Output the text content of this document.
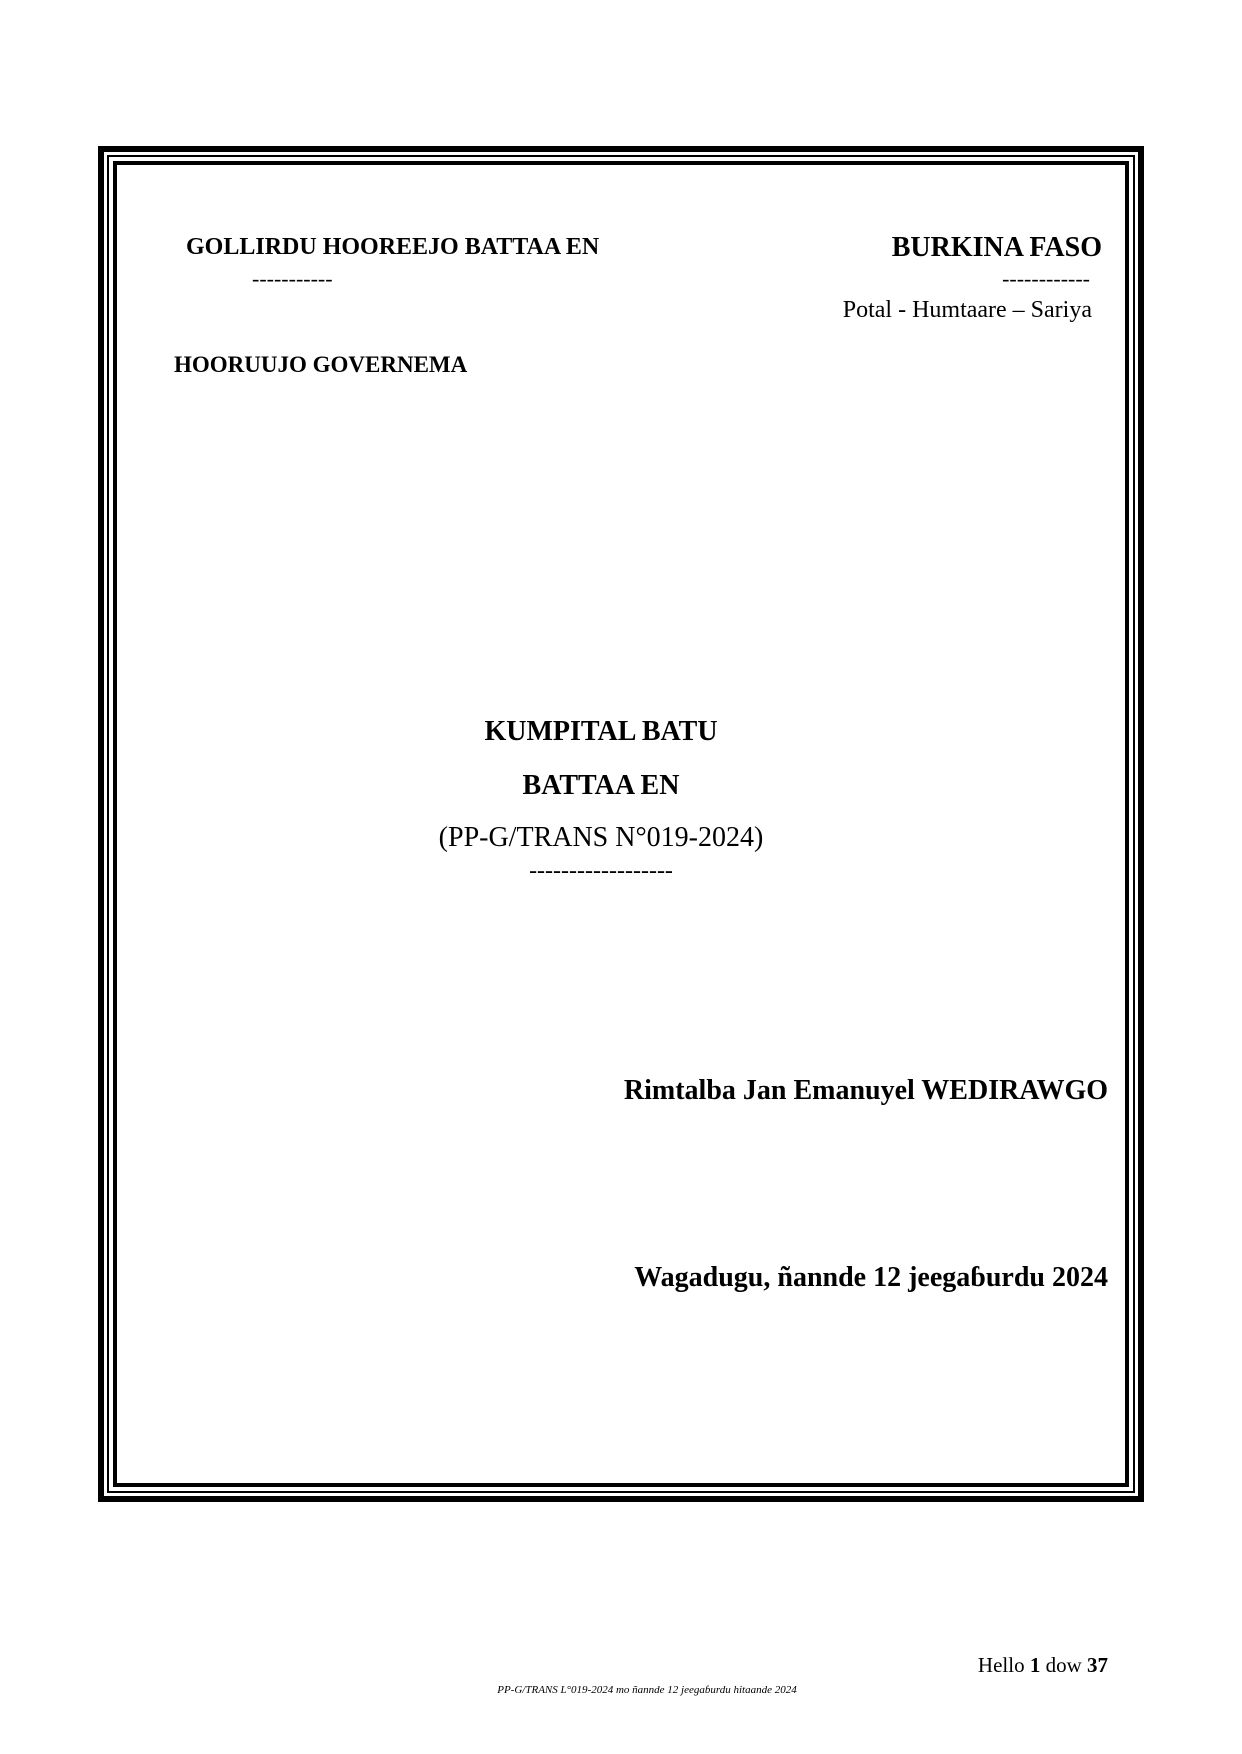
GOLLIRDU HOOREEJO BATTAA EN
-----------
HOORUUJO GOVERNEMA
BURKINA FASO
------------
Potal - Humtaare – Sariya
KUMPITAL BATU
BATTAA EN
(PP-G/TRANS N°019-2024)
------------------
Rimtalba Jan Emanuyel WEDIRAWGO
Wagadugu, ñannde 12 jeegaɓurdu 2024
Hello 1 dow 37
PP-G/TRANS L°019-2024 mo ñannde 12 jeegaɓurdu hitaande 2024
